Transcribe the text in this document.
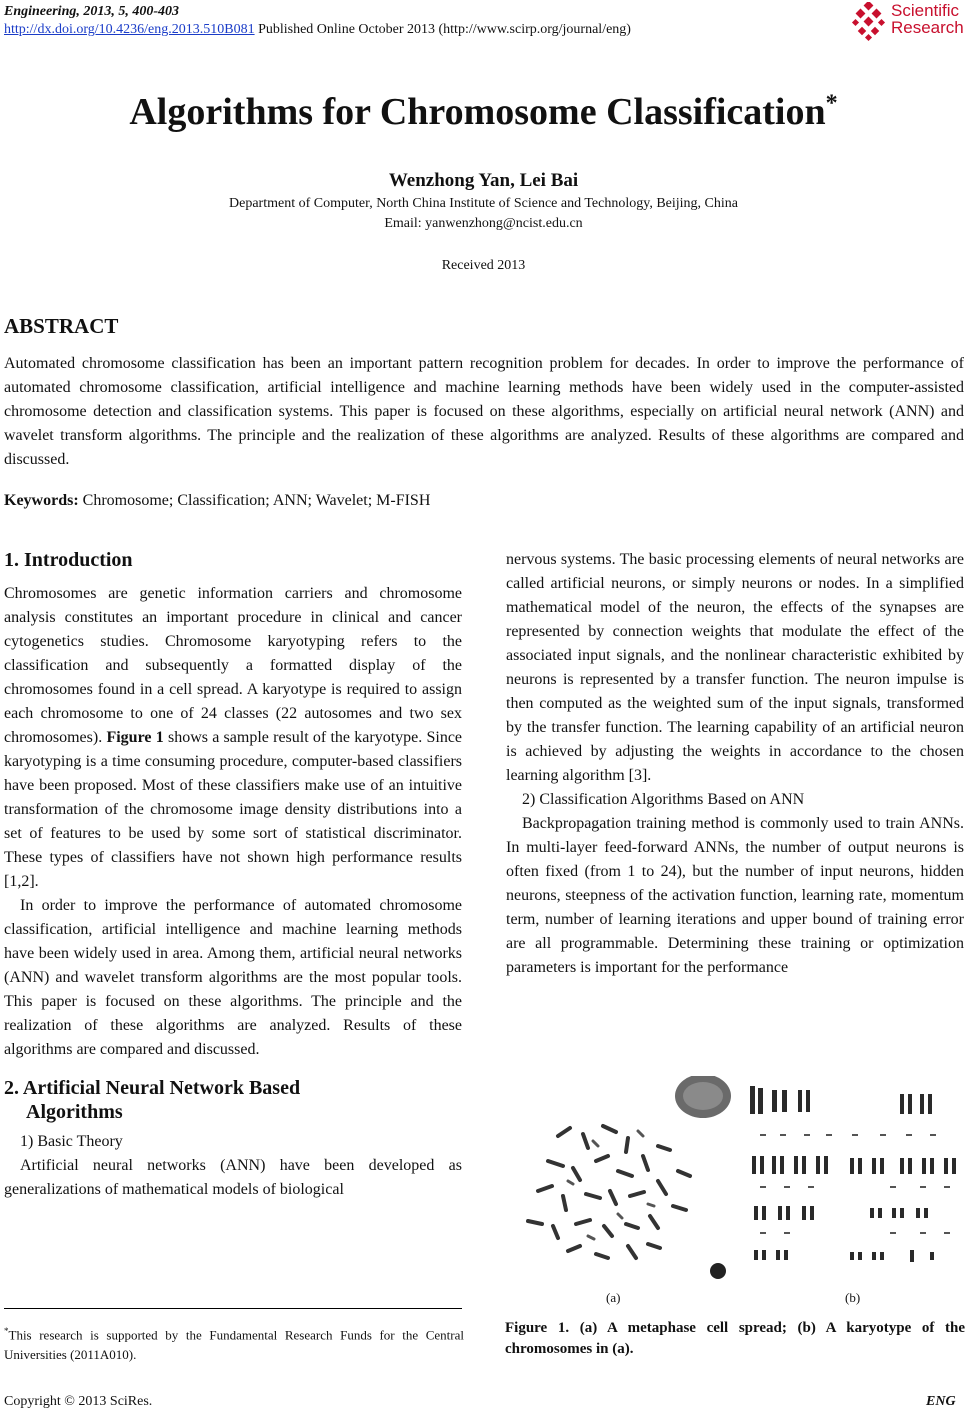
Engineering, 2013, 5, 400-403
http://dx.doi.org/10.4236/eng.2013.510B081 Published Online October 2013 (http://www.scirp.org/journal/eng)
Scientific
Research
Algorithms for Chromosome Classification*
Wenzhong Yan, Lei Bai
Department of Computer, North China Institute of Science and Technology, Beijing, China
Email: yanwenzhong@ncist.edu.cn
Received 2013
ABSTRACT
Automated chromosome classification has been an important pattern recognition problem for decades. In order to improve the performance of automated chromosome classification, artificial intelligence and machine learning methods have been widely used in the computer-assisted chromosome detection and classification systems. This paper is focused on these algorithms, especially on artificial neural network (ANN) and wavelet transform algorithms. The principle and the realization of these algorithms are analyzed. Results of these algorithms are compared and discussed.
Keywords: Chromosome; Classification; ANN; Wavelet; M-FISH
1. Introduction

Chromosomes are genetic information carriers and chromosome analysis constitutes an important procedure in clinical and cancer cytogenetics studies. Chromosome karyotyping refers to the classification and subsequently a formatted display of the chromosomes found in a cell spread. A karyotype is required to assign each chromosome to one of 24 classes (22 autosomes and two sex chromosomes). Figure 1 shows a sample result of the karyotype. Since karyotyping is a time consuming procedure, computer-based classifiers have been proposed. Most of these classifiers make use of an intuitive transformation of the chromosome image density distributions into a set of features to be used by some sort of statistical discriminator. These types of classifiers have not shown high performance results [1,2].

In order to improve the performance of automated chromosome classification, artificial intelligence and machine learning methods have been widely used in area. Among them, artificial neural networks (ANN) and wavelet transform algorithms are the most popular tools. This paper is focused on these algorithms. The principle and the realization of these algorithms are analyzed. Results of these algorithms are compared and discussed.

2. Artificial Neural Network Based
Algorithms

1) Basic Theory

Artificial neural networks (ANN) have been developed as generalizations of mathematical models of biological

nervous systems. The basic processing elements of neural networks are called artificial neurons, or simply neurons or nodes. In a simplified mathematical model of the neuron, the effects of the synapses are represented by connection weights that modulate the effect of the associated input signals, and the nonlinear characteristic exhibited by neurons is represented by a transfer function. The neuron impulse is then computed as the weighted sum of the input signals, transformed by the transfer function. The learning capability of an artificial neuron is achieved by adjusting the weights in accordance to the chosen learning algorithm [3].

2) Classification Algorithms Based on ANN

Backpropagation training method is commonly used to train ANNs. In multi-layer feed-forward ANNs, the number of output neurons is often fixed (from 1 to 24), but the number of input neurons, hidden neurons, steepness of the activation function, learning rate, momentum term, number of learning iterations and upper bound of training error are all programmable. Determining these training or optimization parameters is important for the performance

(a)	(b)
Figure 1. (a) A metaphase cell spread; (b) A karyotype of the chromosomes in (a).
*This research is supported by the Fundamental Research Funds for the Central Universities (2011A010).
Copyright © 2013 SciRes.	ENG
